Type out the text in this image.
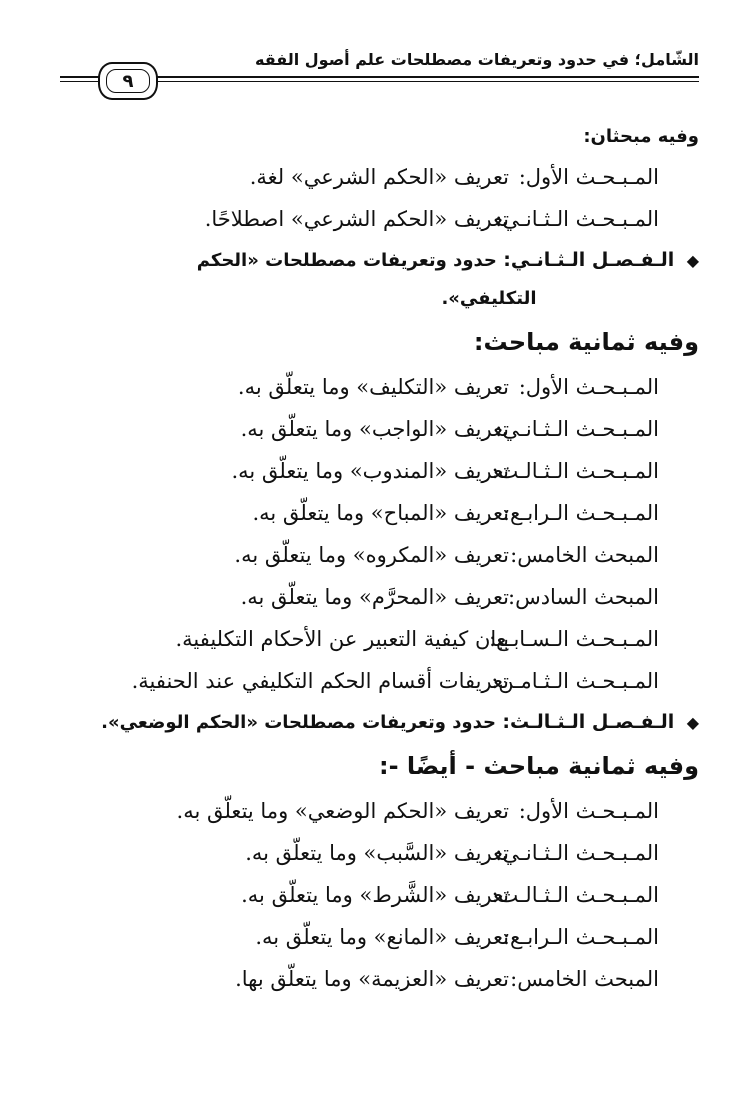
الشّامل؛ في حدود وتعريفات مصطلحات علم أصول الفقه
٩
وفيه مبحثان:
المـبـحـث الأول:
تعريف «الحكم الشرعي» لغة.
المـبـحـث الـثـانـي:
تعريف «الحكم الشرعي» اصطلاحًا.

◆ الـفـصـل الـثـانـي: حدود وتعريفات مصطلحات «الحكم
التكليفي».

وفيه ثمانية مباحث:
المـبـحـث الأول:
تعريف «التكليف» وما يتعلّق به.
المـبـحـث الـثـانـي:
تعريف «الواجب» وما يتعلّق به.
المـبـحـث الـثـالـث:
تعريف «المندوب» وما يتعلّق به.
المـبـحـث الـرابـع:
تعريف «المباح» وما يتعلّق به.
المبحث الخامس:
تعريف «المكروه» وما يتعلّق به.
المبحث السادس:
تعريف «المحرَّم» وما يتعلّق به.
المـبـحـث الـسـابـع:
بيان كيفية التعبير عن الأحكام التكليفية.
المـبـحـث الـثـامـن:
تعريفات أقسام الحكم التكليفي عند الحنفية.

◆ الـفـصـل الـثـالـث: حدود وتعريفات مصطلحات «الحكم الوضعي».

وفيه ثمانية مباحث - أيضًا -:
المـبـحـث الأول:
تعريف «الحكم الوضعي» وما يتعلّق به.
المـبـحـث الـثـانـي:
تعريف «السَّبب» وما يتعلّق به.
المـبـحـث الـثـالـث:
تعريف «الشَّرط» وما يتعلّق به.
المـبـحـث الـرابـع:
تعريف «المانع» وما يتعلّق به.
المبحث الخامس:
تعريف «العزيمة» وما يتعلّق بها.
